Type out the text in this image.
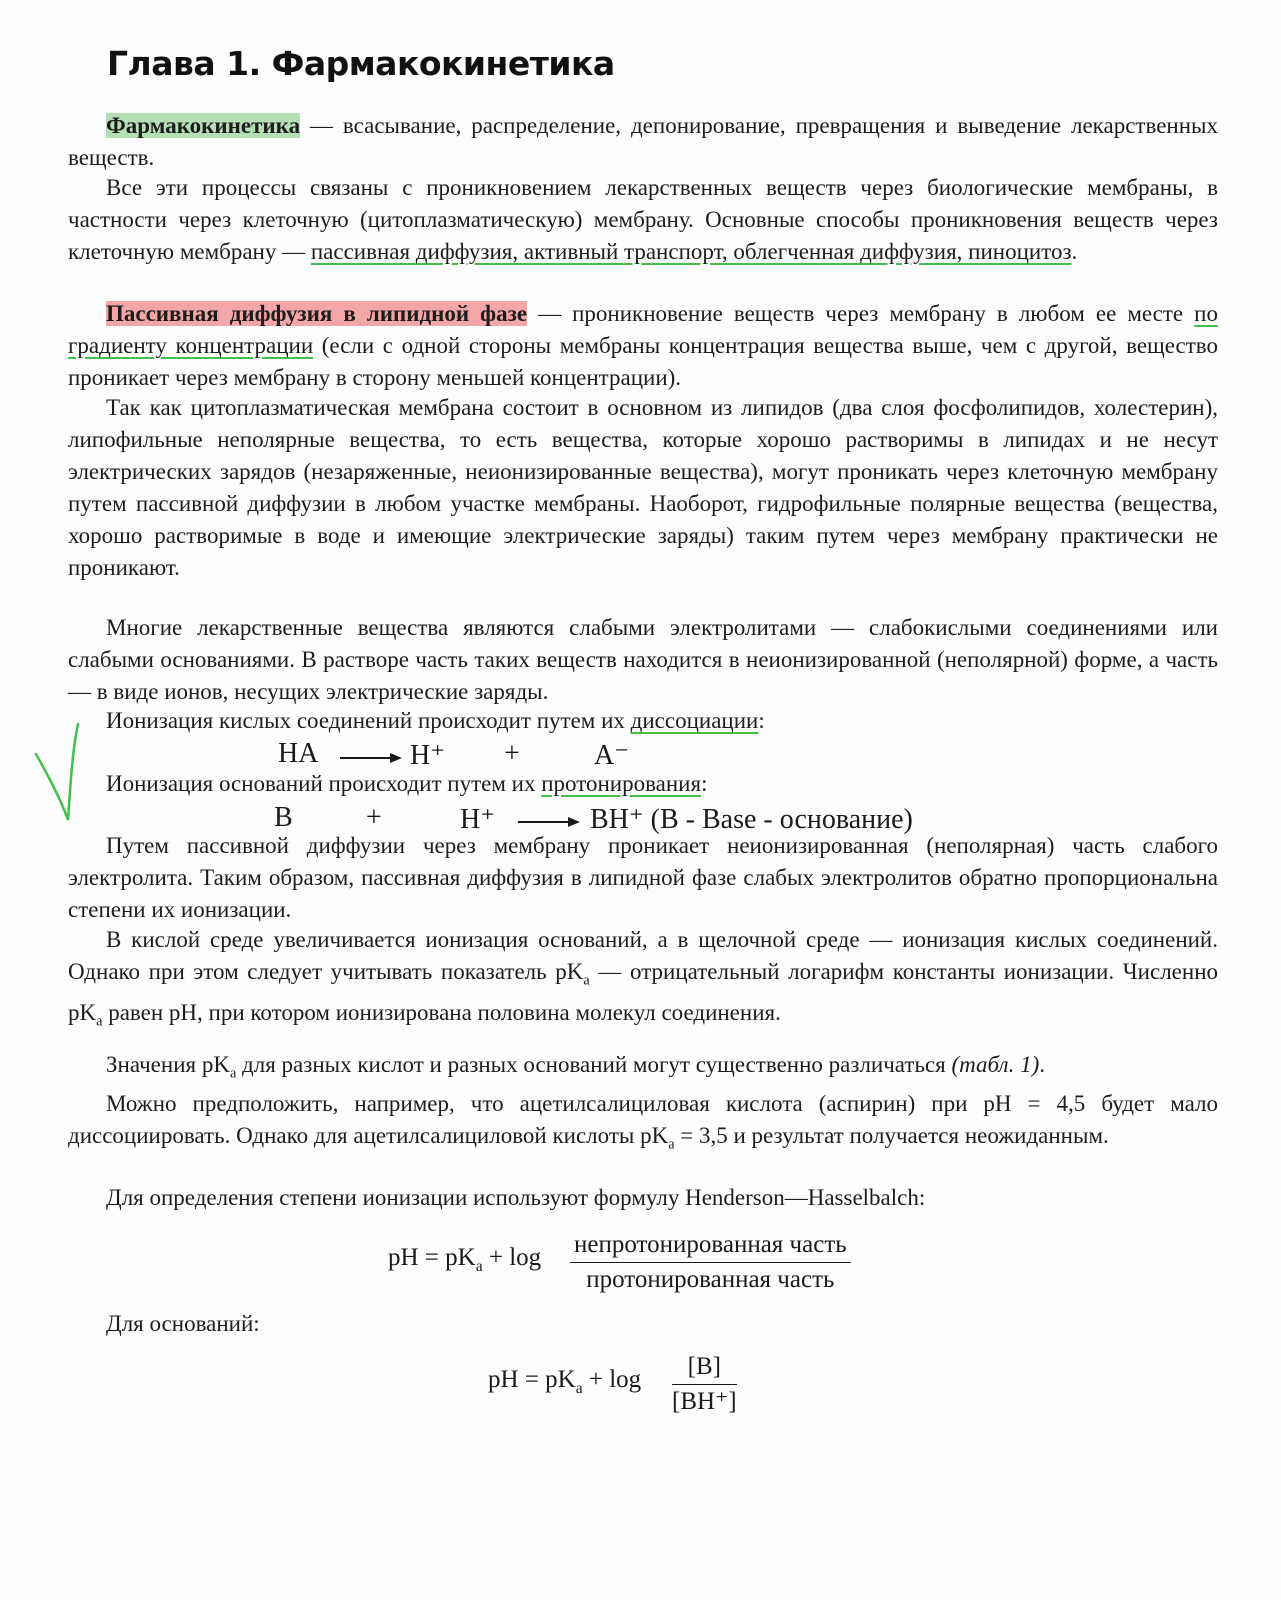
Глава 1. Фармакокинетика

Фармакокинетика — всасывание, распределение, депонирование, превращения и выведение лекарственных веществ.

Все эти процессы связаны с проникновением лекарственных веществ через биологические мембраны, в частности через клеточную (цитоплазматическую) мембрану. Основные способы проникновения веществ через клеточную мембрану — пассивная диффузия, активный транспорт, облегченная диффузия, пиноцитоз.

Пассивная диффузия в липидной фазе — проникновение веществ через мембрану в любом ее месте по градиенту концентрации (если с одной стороны мембраны концентрация вещества выше, чем с другой, вещество проникает через мембрану в сторону меньшей концентрации).

Так как цитоплазматическая мембрана состоит в основном из липидов (два слоя фосфолипидов, холестерин), липофильные неполярные вещества, то есть вещества, которые хорошо растворимы в липидах и не несут электрических зарядов (незаряженные, неионизированные вещества), могут проникать через клеточную мембрану путем пассивной диффузии в любом участке мембраны. Наоборот, гидрофильные полярные вещества (вещества, хорошо растворимые в воде и имеющие электрические заряды) таким путем через мембрану практически не проникают.

Многие лекарственные вещества являются слабыми электролитами — слабокислыми соединениями или слабыми основаниями. В растворе часть таких веществ находится в неионизированной (неполярной) форме, а часть — в виде ионов, несущих электрические заряды.

Ионизация кислых соединений происходит путем их диссоциации:

HA → H⁺ +	A⁻

Ионизация оснований происходит путем их протонирования:

B	+	H⁺ → BH⁺ (B - Base - основание)

Путем пассивной диффузии через мембрану проникает неионизированная (неполярная) часть слабого электролита. Таким образом, пассивная диффузия в липидной фазе слабых электролитов обратно пропорциональна степени их ионизации.

В кислой среде увеличивается ионизация оснований, а в щелочной среде — ионизация кислых соединений. Однако при этом следует учитывать показатель $pK_a$ — отрицательный логарифм константы ионизации. Численно $pK_a$ равен pH, при котором ионизирована половина молекул соединения.

Значения $pK_a$ для разных кислот и разных оснований могут существенно различаться (табл. 1).

Можно предположить, например, что ацетилсалициловая кислота (аспирин) при pH = 4,5 будет мало диссоциировать. Однако для ацетилсалициловой кислоты $pK_a = 3,5$ и результат получается неожиданным.

Для определения степени ионизации используют формулу Henderson—Hasselbalch:

pH = $pK_a + \log$ непротонированная часть
протонированная часть

Для оснований:

pH = $pK_a + \log \frac{[B]}{[BH^+]}$
